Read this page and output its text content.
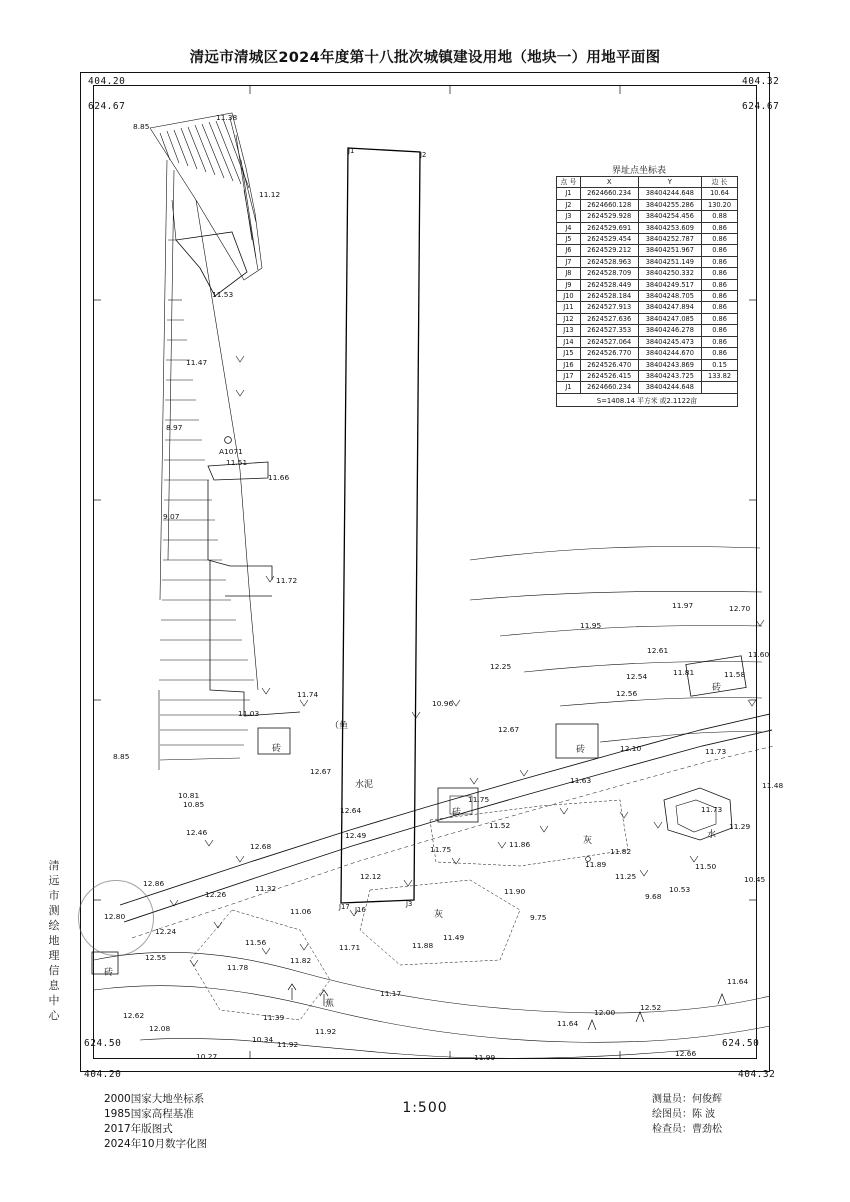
清远市清城区2024年度第十八批次城镇建设用地（地块一）用地平面图
404.20
624.67
404.32
624.67
624.50
404.20
624.50
404.32
界址点坐标表
点 号	X	Y	边 长
J1	2624660.234	38404244.648	10.64
J2	2624660.128	38404255.286	130.20
J3	2624529.928	38404254.456	0.88
J4	2624529.691	38404253.609	0.86
J5	2624529.454	38404252.787	0.86
J6	2624529.212	38404251.967	0.86
J7	2624528.963	38404251.149	0.86
J8	2624528.709	38404250.332	0.86
J9	2624528.449	38404249.517	0.86
J10	2624528.184	38404248.705	0.86
J11	2624527.913	38404247.894	0.86
J12	2624527.636	38404247.085	0.86
J13	2624527.353	38404246.278	0.86
J14	2624527.064	38404245.473	0.86
J15	2624526.770	38404244.670	0.86
J16	2624526.470	38404243.869	0.15
J17	2624526.415	38404243.725	133.82
J1	2624660.234	38404244.648	
S=1408.14 平方米 或2.1122亩
8.85
11.38
11.12
11.53
11.47
8.97
11.51
11.66
9.07
11.72
11.74
11.03
8.85
10.81
10.85
12.46
12.68
12.86
12.26
11.32
11.06
12.80
12.24
12.55
11.56
11.82
11.78
11.39
11.92
10.34
11.92
12.62
12.08
10.27
11.17
11.99
11.88
11.71
11.49
11.90
9.75
9.68
11.25
11.89
10.53
11.50
10.45
11.82
11.86
11.75
11.75
11.52
12.49
12.12
12.64
12.67
12.67
10.96
12.25
12.56
12.54
12.61
11.95
11.97	12.70
11.81
11.60
11.58
11.73
11.73
11.29
11.48
12.10
11.63
11.64
12.52
12.00
11.64
12.66
A1071
水泥
砖
砖
砖
砖
砖
灰
灰
蕉
水
（鱼
J1	J2
J17 J16
J3
清
远
市
测
绘
地
理
信
息
中
心
2000国家大地坐标系
1985国家高程基准
2017年版图式
2024年10月数字化图
1:500
测量员：何俊辉
绘图员：陈 波
检查员：曹劲松
